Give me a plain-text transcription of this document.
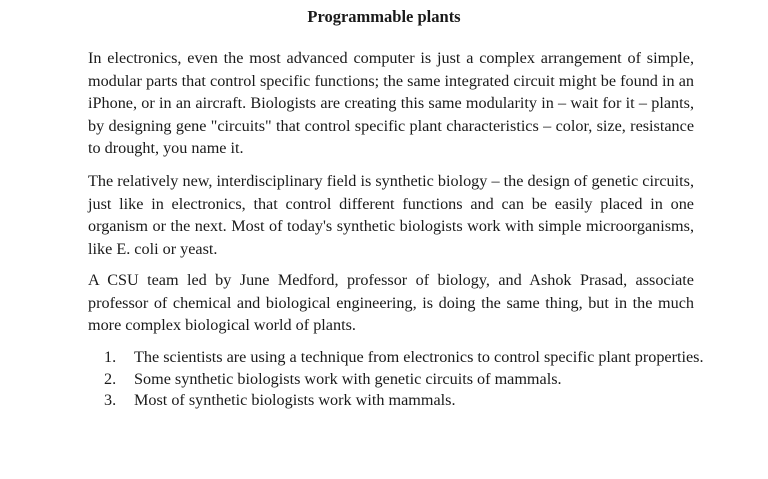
Programmable plants

In electronics, even the most advanced computer is just a complex arrangement of simple, modular parts that control specific functions; the same integrated circuit might be found in an iPhone, or in an aircraft. Biologists are creating this same modularity in – wait for it – plants, by designing gene "circuits" that control specific plant characteristics – color, size, resistance to drought, you name it.

The relatively new, interdisciplinary field is synthetic biology – the design of genetic circuits, just like in electronics, that control different functions and can be easily placed in one organism or the next. Most of today's synthetic biologists work with simple microorganisms, like E. coli or yeast.

A CSU team led by June Medford, professor of biology, and Ashok Prasad, associate professor of chemical and biological engineering, is doing the same thing, but in the much more complex biological world of plants.

1. The scientists are using a technique from electronics to control specific plant properties.
2. Some synthetic biologists work with genetic circuits of mammals.
3. Most of synthetic biologists work with mammals.
